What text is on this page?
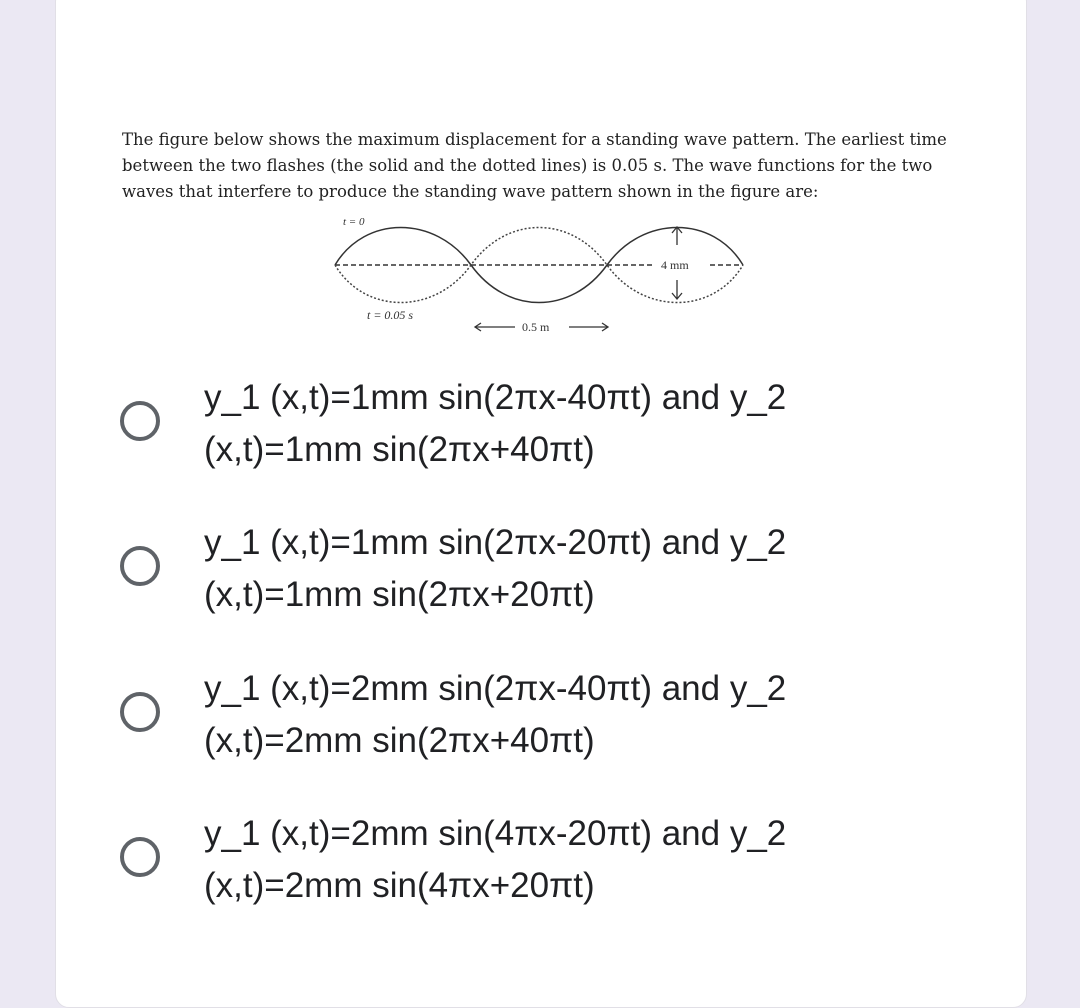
The figure below shows the maximum displacement for a standing wave pattern. The earliest time between the two flashes (the solid and the dotted lines) is 0.05 s. The wave functions for the two waves that interfere to produce the standing wave pattern shown in the figure are:

t = 0
4 mm
t = 0.05 s
0.5 m
y_1 (x,t)=1mm sin(2πx-40πt) and y_2 (x,t)=1mm sin(2πx+40πt)
y_1 (x,t)=1mm sin(2πx-20πt) and y_2 (x,t)=1mm sin(2πx+20πt)
y_1 (x,t)=2mm sin(2πx-40πt) and y_2 (x,t)=2mm sin(2πx+40πt)
y_1 (x,t)=2mm sin(4πx-20πt) and y_2 (x,t)=2mm sin(4πx+20πt)
